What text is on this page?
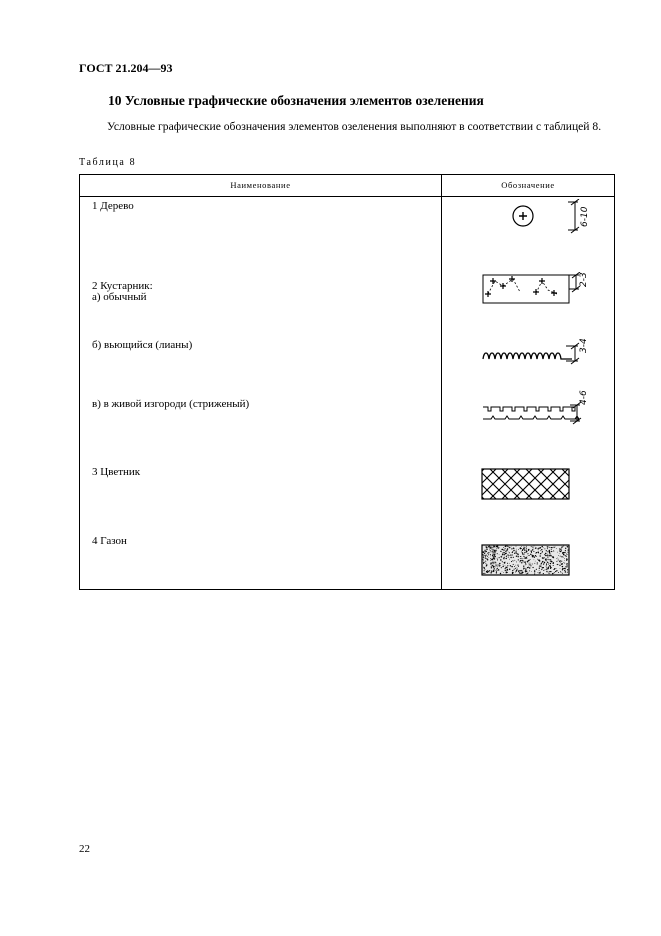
ГОСТ 21.204—93
10 Условные графические обозначения элементов озеленения
Условные графические обозначения элементов озеленения выполняют в соответствии с таблицей 8.
Таблица 8
Наименование	Обозначение
1 Дерево
2 Кустарник:
а) обычный
б) вьющийся (лианы)
в) в живой изгороди (стриженый)
3 Цветник
4 Газон
6-10
2-3
3-4
4-6
22
